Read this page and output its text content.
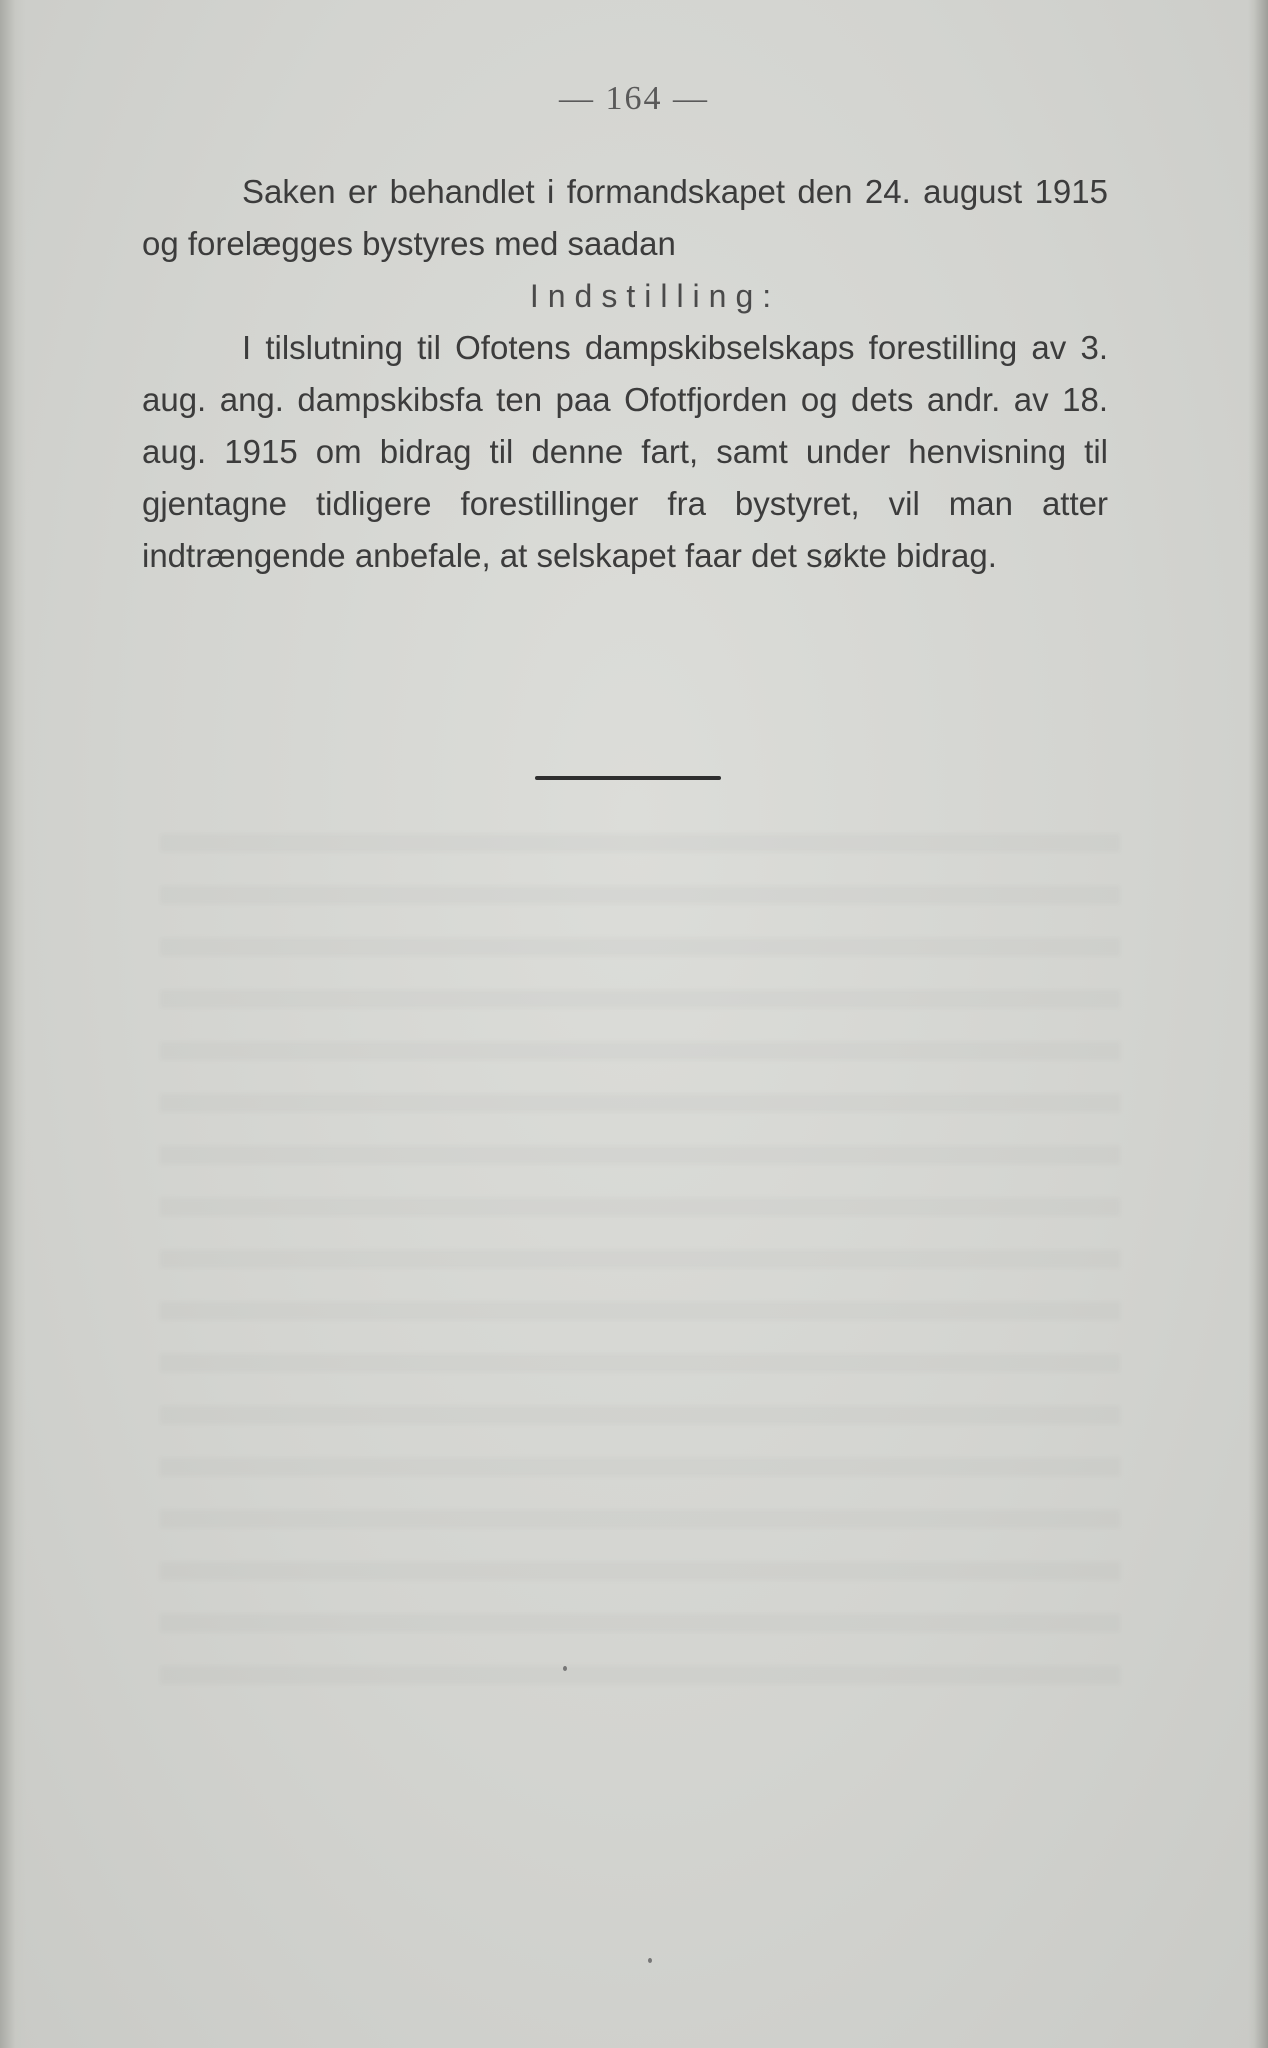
— 164 —

Saken er behandlet i formandskapet den 24. august 1915 og forelægges bystyres med saadan

Indstilling:

I tilslutning til Ofotens dampskibselskaps forestilling av 3. aug. ang. dampskibsfa ten paa Ofotfjorden og dets andr. av 18. aug. 1915 om bidrag til denne fart, samt under henvisning til gjentagne tidligere forestillinger fra bystyret, vil man atter indtrængende anbefale, at selskapet faar det søkte bidrag.
